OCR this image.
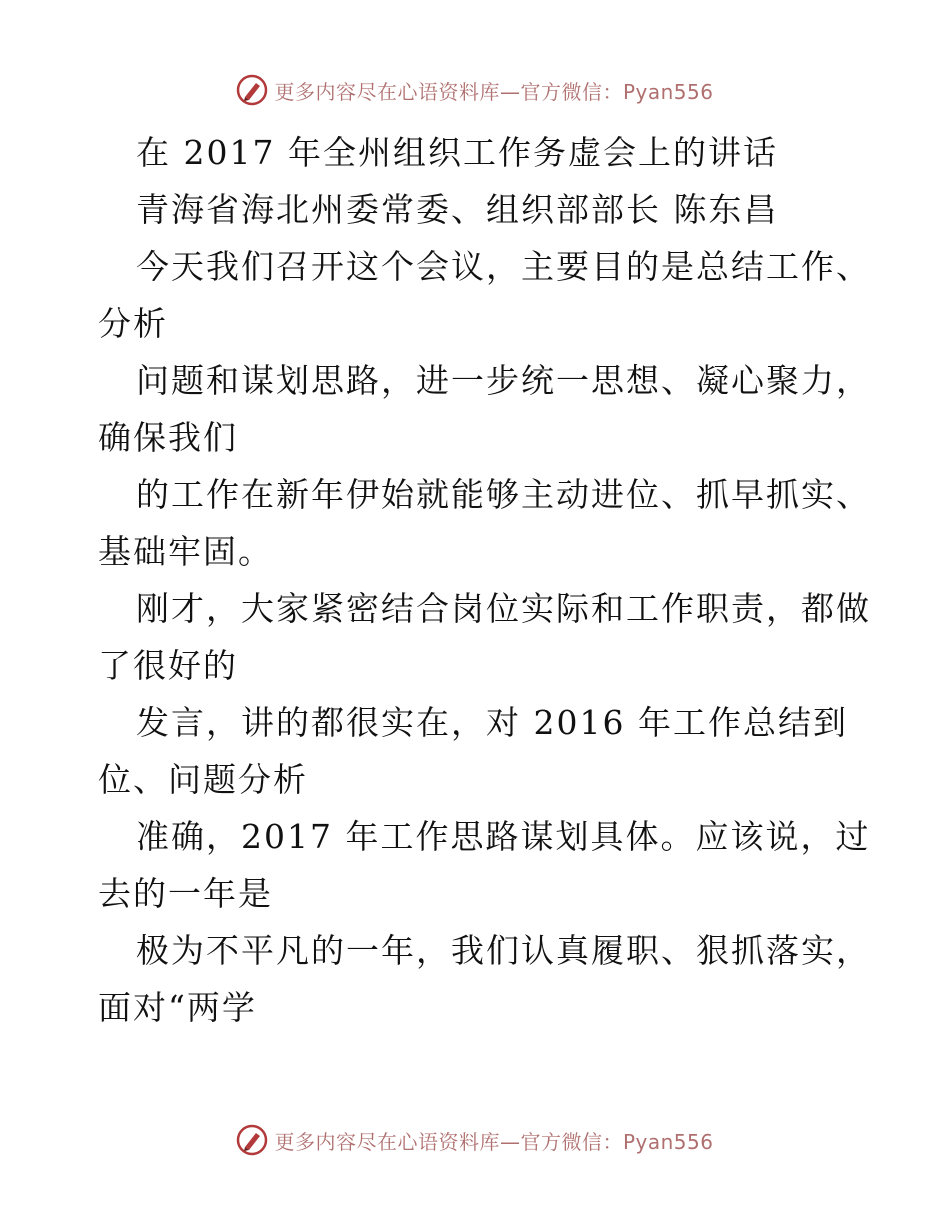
更多内容尽在心语资料库—官方微信：Pyan556
在 2017 年全州组织工作务虚会上的讲话
青海省海北州委常委、组织部部长 陈东昌
今天我们召开这个会议，主要目的是总结工作、
分析
问题和谋划思路，进一步统一思想、凝心聚力，
确保我们
的工作在新年伊始就能够主动进位、抓早抓实、
基础牢固。
刚才，大家紧密结合岗位实际和工作职责，都做
了很好的
发言，讲的都很实在，对 2016 年工作总结到
位、问题分析
准确，2017 年工作思路谋划具体。应该说，过
去的一年是
极为不平凡的一年，我们认真履职、狠抓落实，
面对“两学
更多内容尽在心语资料库—官方微信：Pyan556
